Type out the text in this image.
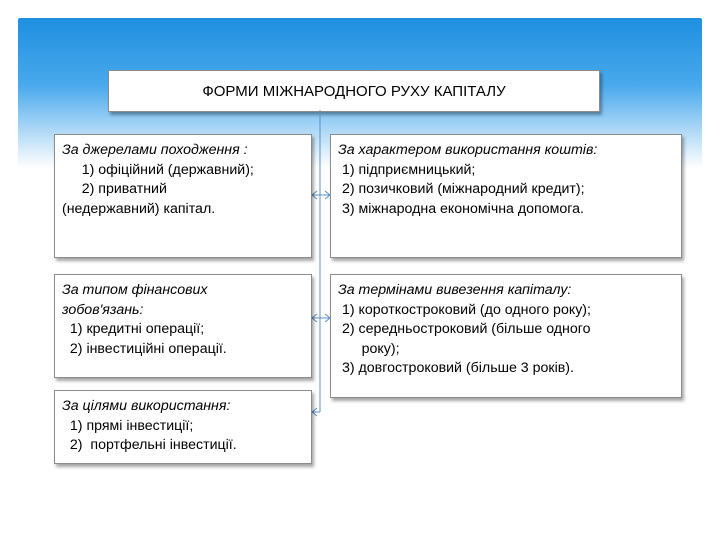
ФОРМИ МІЖНАРОДНОГО РУХУ КАПІТАЛУ
За джерелами походження :
1) офіційний (державний);
2) приватний
(недержавний) капітал.
За характером використання коштів:
1) підприємницький;
2) позичковий (міжнародний кредит);
3) міжнародна економічна допомога.
За типом фінансових
зобов'язань:
1) кредитні операції;
2) інвестиційні операції.
За термінами вивезення капіталу:
1) короткостроковий (до одного року);
2) середньостроковий (більше одного
року);
3) довгостроковий (більше 3 років).
За цілями використання:
1) прямі інвестиції;
2)  портфельні інвестиції.
